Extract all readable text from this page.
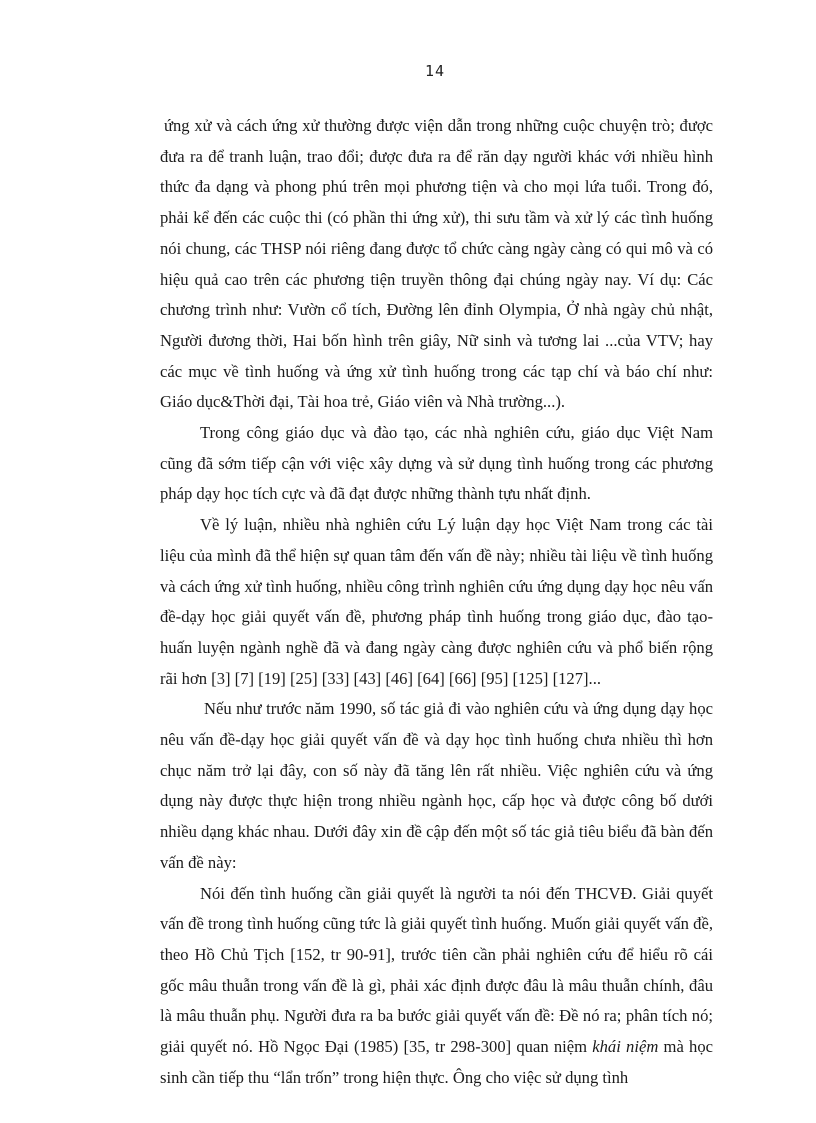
14

ứng xử và cách ứng xử thường được viện dẫn trong những cuộc chuyện trò; được đưa ra để tranh luận, trao đổi; được đưa ra để răn dạy người khác với nhiều hình thức đa dạng và phong phú trên mọi phương tiện và cho mọi lứa tuổi. Trong đó, phải kể đến các cuộc thi (có phần thi ứng xử), thi sưu tầm và xử lý các tình huống nói chung, các THSP nói riêng đang được tổ chức càng ngày càng có qui mô và có hiệu quả cao trên các phương tiện truyền thông đại chúng ngày nay. Ví dụ: Các chương trình như: Vườn cổ tích, Đường lên đỉnh Olympia, Ở nhà ngày chủ nhật, Người đương thời, Hai bốn hình trên giây, Nữ sinh và tương lai ...của VTV; hay các mục về tình huống và ứng xử tình huống trong các tạp chí và báo chí như: Giáo dục&Thời đại, Tài hoa trẻ, Giáo viên và Nhà trường...).

Trong công giáo dục và đào tạo, các nhà nghiên cứu, giáo dục Việt Nam cũng đã sớm tiếp cận với việc xây dựng và sử dụng tình huống trong các phương pháp dạy học tích cực và đã đạt được những thành tựu nhất định.

Về lý luận, nhiều nhà nghiên cứu Lý luận dạy học Việt Nam trong các tài liệu của mình đã thể hiện sự quan tâm đến vấn đề này; nhiều tài liệu về tình huống và cách ứng xử tình huống, nhiều công trình nghiên cứu ứng dụng dạy học nêu vấn đề-dạy học giải quyết vấn đề, phương pháp tình huống trong giáo dục, đào tạo-huấn luyện ngành nghề đã và đang ngày càng được nghiên cứu và phổ biến rộng rãi hơn [3] [7] [19] [25] [33] [43] [46] [64] [66] [95] [125] [127]...

Nếu như trước năm 1990, số tác giả đi vào nghiên cứu và ứng dụng dạy học nêu vấn đề-dạy học giải quyết vấn đề và dạy học tình huống chưa nhiều thì hơn chục năm trở lại đây, con số này đã tăng lên rất nhiều. Việc nghiên cứu và ứng dụng này được thực hiện trong nhiều ngành học, cấp học và được công bố dưới nhiều dạng khác nhau. Dưới đây xin đề cập đến một số tác giả tiêu biểu đã bàn đến vấn đề này:

Nói đến tình huống cần giải quyết là người ta nói đến THCVĐ. Giải quyết vấn đề trong tình huống cũng tức là giải quyết tình huống. Muốn giải quyết vấn đề, theo Hồ Chủ Tịch [152, tr 90-91], trước tiên cần phải nghiên cứu để hiểu rõ cái gốc mâu thuẫn trong vấn đề là gì, phải xác định được đâu là mâu thuẫn chính, đâu là mâu thuẫn phụ. Người đưa ra ba bước giải quyết vấn đề: Đề nó ra; phân tích nó; giải quyết nó. Hồ Ngọc Đại (1985) [35, tr 298-300] quan niệm khái niệm mà học sinh cần tiếp thu “lẩn trốn” trong hiện thực. Ông cho việc sử dụng tình
